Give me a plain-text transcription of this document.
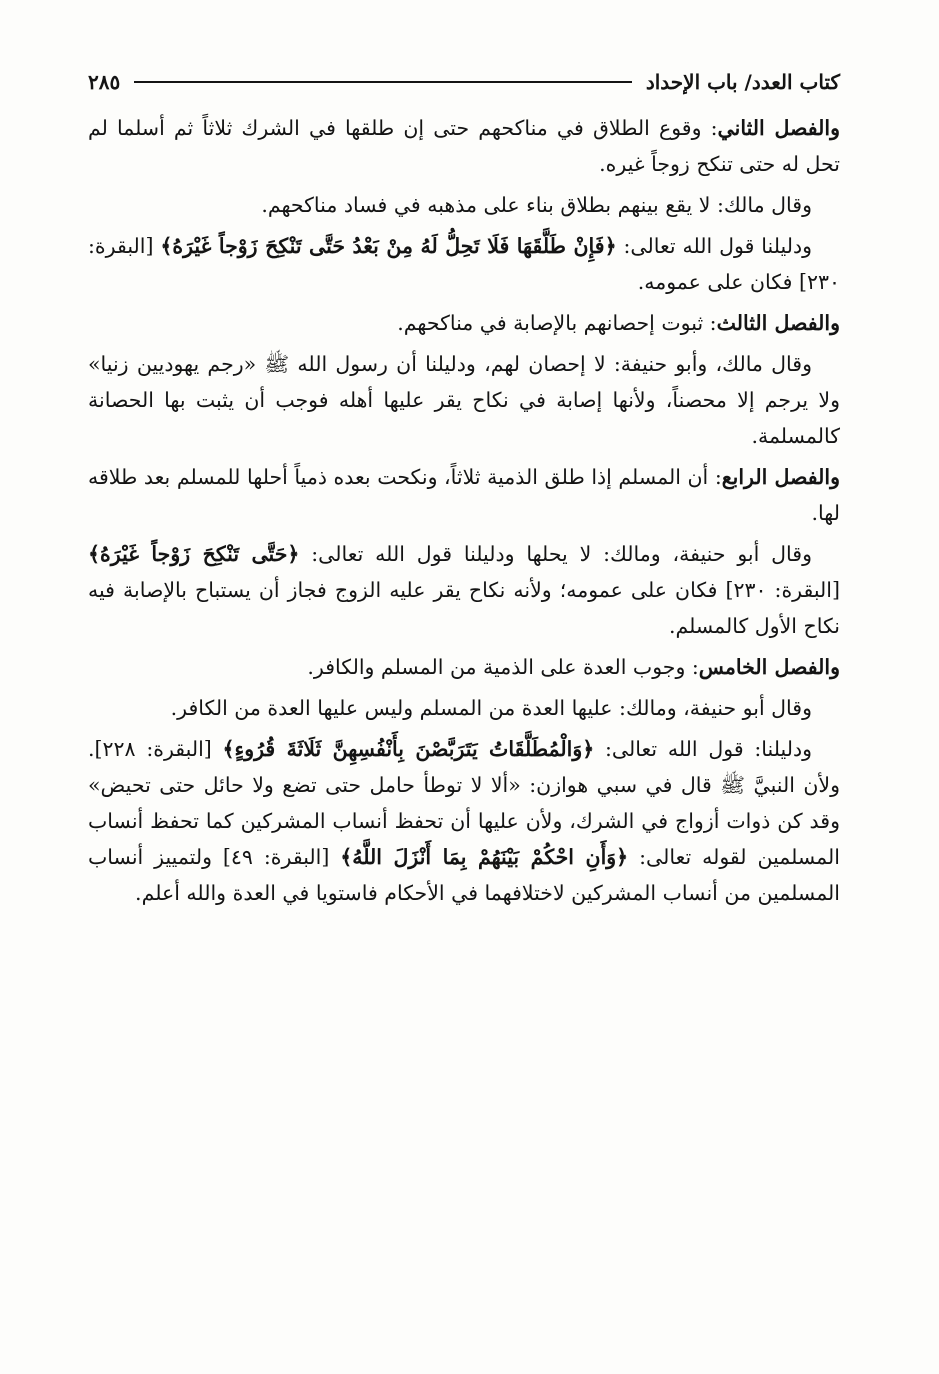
كتاب العدد/ باب الإحداد
٢٨٥

والفصل الثاني: وقوع الطلاق في مناكحهم حتى إن طلقها في الشرك ثلاثاً ثم أسلما لم تحل له حتى تنكح زوجاً غيره.

وقال مالك: لا يقع بينهم بطلاق بناء على مذهبه في فساد مناكحهم.

ودليلنا قول الله تعالى: ﴿فَإِنْ طَلَّقَهَا فَلَا تَحِلُّ لَهُ مِنْ بَعْدُ حَتَّى تَنْكِحَ زَوْجاً غَيْرَهُ﴾ [البقرة: ٢٣٠] فكان على عمومه.

والفصل الثالث: ثبوت إحصانهم بالإصابة في مناكحهم.

وقال مالك، وأبو حنيفة: لا إحصان لهم، ودليلنا أن رسول الله ﷺ «رجم يهوديين زنيا» ولا يرجم إلا محصناً، ولأنها إصابة في نكاح يقر عليها أهله فوجب أن يثبت بها الحصانة كالمسلمة.

والفصل الرابع: أن المسلم إذا طلق الذمية ثلاثاً، ونكحت بعده ذمياً أحلها للمسلم بعد طلاقه لها.

وقال أبو حنيفة، ومالك: لا يحلها ودليلنا قول الله تعالى: ﴿حَتَّى تَنْكِحَ زَوْجاً غَيْرَهُ﴾ [البقرة: ٢٣٠] فكان على عمومه؛ ولأنه نكاح يقر عليه الزوج فجاز أن يستباح بالإصابة فيه نكاح الأول كالمسلم.

والفصل الخامس: وجوب العدة على الذمية من المسلم والكافر.

وقال أبو حنيفة، ومالك: عليها العدة من المسلم وليس عليها العدة من الكافر.

ودليلنا: قول الله تعالى: ﴿وَالْمُطَلَّقَاتُ يَتَرَبَّصْنَ بِأَنْفُسِهِنَّ ثَلَاثَةَ قُرُوءٍ﴾ [البقرة: ٢٢٨]. ولأن النبيَّ ﷺ قال في سبي هوازن: «ألا لا توطأ حامل حتى تضع ولا حائل حتى تحيض» وقد كن ذوات أزواج في الشرك، ولأن عليها أن تحفظ أنساب المشركين كما تحفظ أنساب المسلمين لقوله تعالى: ﴿وَأَنِ احْكُمْ بَيْنَهُمْ بِمَا أَنْزَلَ اللَّهُ﴾ [البقرة: ٤٩] ولتمييز أنساب المسلمين من أنساب المشركين لاختلافهما في الأحكام فاستويا في العدة والله أعلم.
